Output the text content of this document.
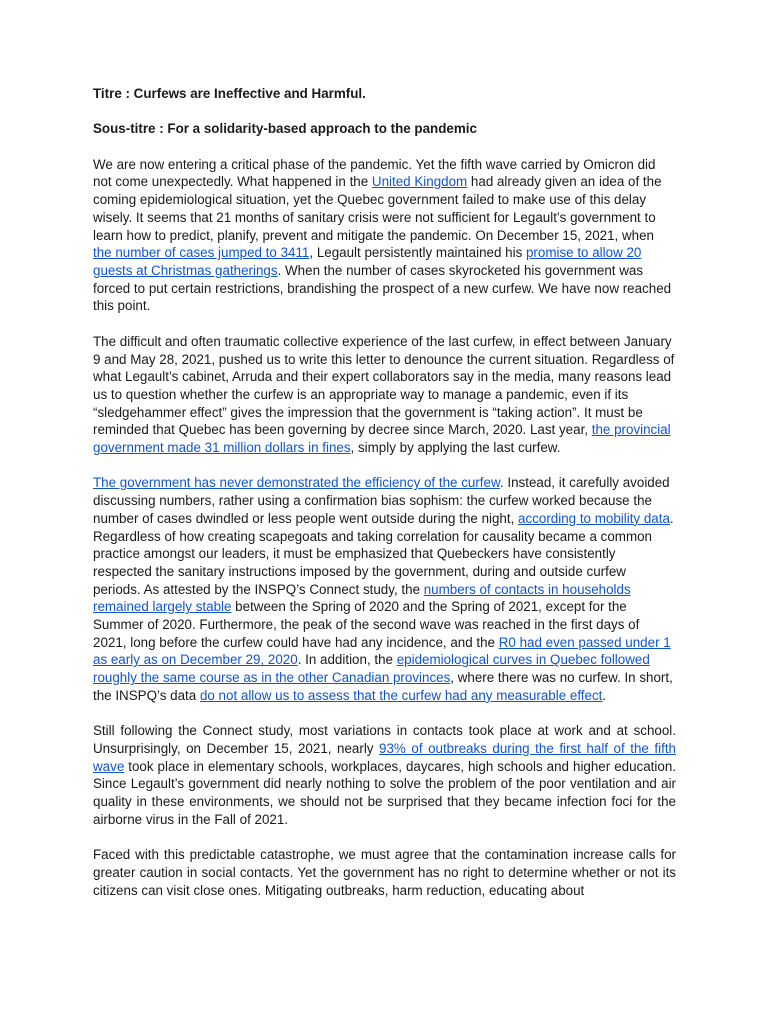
Titre : Curfews are Ineffective and Harmful.

Sous-titre : For a solidarity-based approach to the pandemic

We are now entering a critical phase of the pandemic. Yet the fifth wave carried by Omicron did not come unexpectedly. What happened in the United Kingdom had already given an idea of the coming epidemiological situation, yet the Quebec government failed to make use of this delay wisely. It seems that 21 months of sanitary crisis were not sufficient for Legault’s government to learn how to predict, planify, prevent and mitigate the pandemic. On December 15, 2021, when the number of cases jumped to 3411, Legault persistently maintained his promise to allow 20 guests at Christmas gatherings. When the number of cases skyrocketed his government was forced to put certain restrictions, brandishing the prospect of a new curfew. We have now reached this point.

The difficult and often traumatic collective experience of the last curfew, in effect between January 9 and May 28, 2021, pushed us to write this letter to denounce the current situation. Regardless of what Legault’s cabinet, Arruda and their expert collaborators say in the media, many reasons lead us to question whether the curfew is an appropriate way to manage a pandemic, even if its “sledgehammer effect” gives the impression that the government is “taking action”. It must be reminded that Quebec has been governing by decree since March, 2020. Last year, the provincial government made 31 million dollars in fines, simply by applying the last curfew.

The government has never demonstrated the efficiency of the curfew. Instead, it carefully avoided discussing numbers, rather using a confirmation bias sophism: the curfew worked because the number of cases dwindled or less people went outside during the night, according to mobility data. Regardless of how creating scapegoats and taking correlation for causality became a common practice amongst our leaders, it must be emphasized that Quebeckers have consistently respected the sanitary instructions imposed by the government, during and outside curfew periods. As attested by the INSPQ’s Connect study, the numbers of contacts in households remained largely stable between the Spring of 2020 and the Spring of 2021, except for the Summer of 2020. Furthermore, the peak of the second wave was reached in the first days of 2021, long before the curfew could have had any incidence, and the R0 had even passed under 1 as early as on December 29, 2020. In addition, the epidemiological curves in Quebec followed roughly the same course as in the other Canadian provinces, where there was no curfew. In short, the INSPQ’s data do not allow us to assess that the curfew had any measurable effect.

Still following the Connect study, most variations in contacts took place at work and at school. Unsurprisingly, on December 15, 2021, nearly 93% of outbreaks during the first half of the fifth wave took place in elementary schools, workplaces, daycares, high schools and higher education. Since Legault’s government did nearly nothing to solve the problem of the poor ventilation and air quality in these environments, we should not be surprised that they became infection foci for the airborne virus in the Fall of 2021.

Faced with this predictable catastrophe, we must agree that the contamination increase calls for greater caution in social contacts. Yet the government has no right to determine whether or not its citizens can visit close ones. Mitigating outbreaks, harm reduction, educating about
